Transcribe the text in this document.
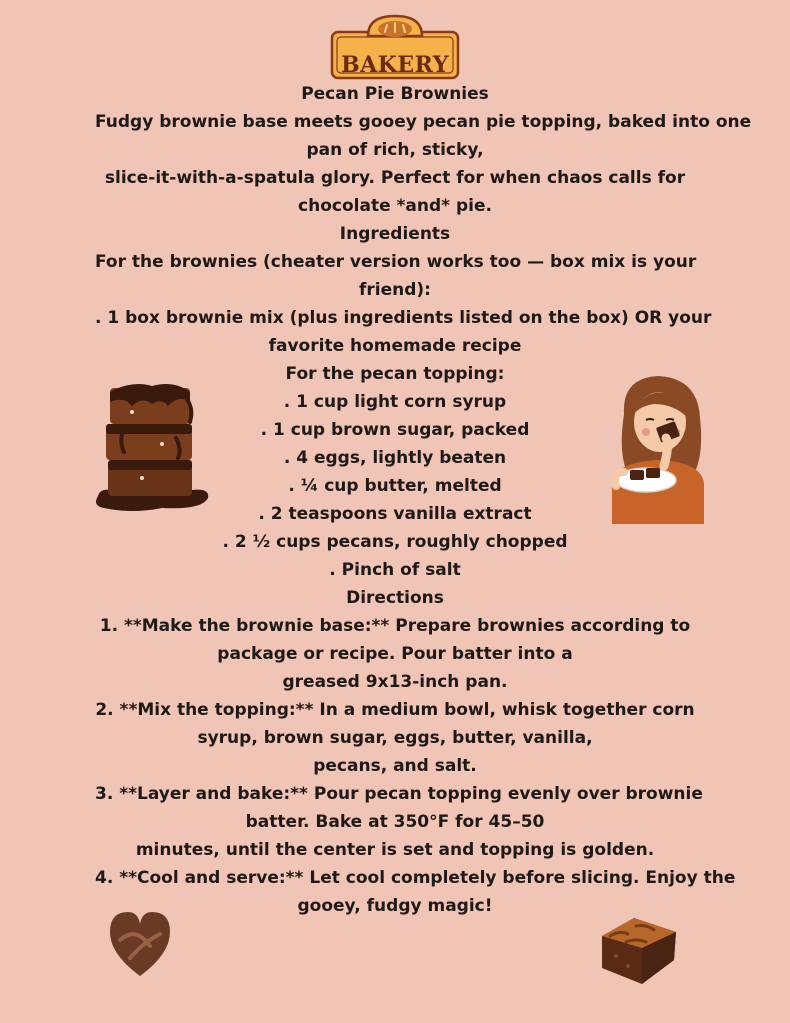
BAKERY
Pecan Pie Brownies
Fudgy brownie base meets gooey pecan pie topping, baked into one
pan of rich, sticky,
slice-it-with-a-spatula glory. Perfect for when chaos calls for
chocolate *and* pie.
Ingredients
For the brownies (cheater version works too — box mix is your
friend):
. 1 box brownie mix (plus ingredients listed on the box) OR your
favorite homemade recipe
For the pecan topping:
. 1 cup light corn syrup
. 1 cup brown sugar, packed
. 4 eggs, lightly beaten
. ¼ cup butter, melted
. 2 teaspoons vanilla extract
. 2 ½ cups pecans, roughly chopped
. Pinch of salt
Directions
1. **Make the brownie base:** Prepare brownies according to
package or recipe. Pour batter into a
greased 9x13-inch pan.
2. **Mix the topping:** In a medium bowl, whisk together corn
syrup, brown sugar, eggs, butter, vanilla,
pecans, and salt.
3. **Layer and bake:** Pour pecan topping evenly over brownie
batter. Bake at 350°F for 45–50
minutes, until the center is set and topping is golden.
4. **Cool and serve:** Let cool completely before slicing. Enjoy the
gooey, fudgy magic!
